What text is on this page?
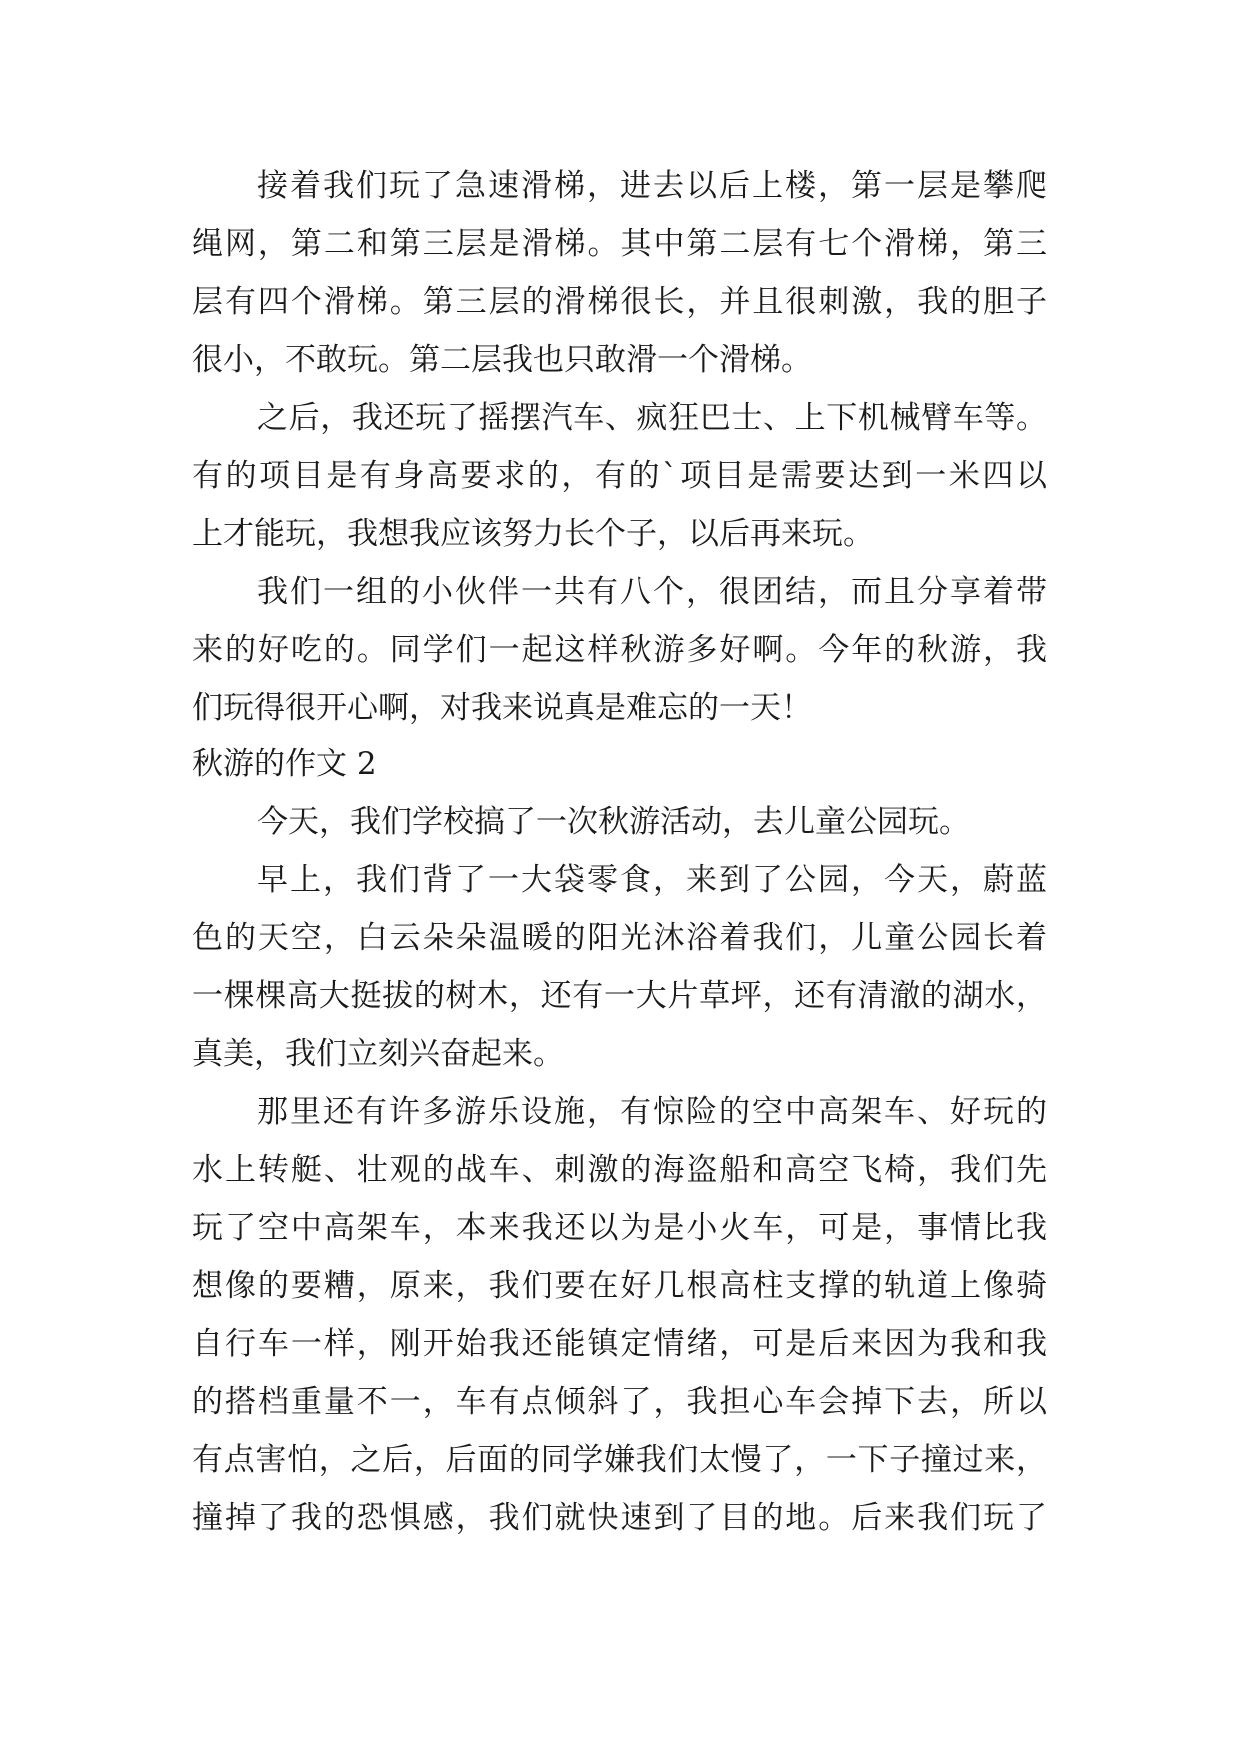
接着我们玩了急速滑梯，进去以后上楼，第一层是攀爬
绳网，第二和第三层是滑梯。其中第二层有七个滑梯，第三
层有四个滑梯。第三层的滑梯很长，并且很刺激，我的胆子
很小，不敢玩。第二层我也只敢滑一个滑梯。
之后，我还玩了摇摆汽车、疯狂巴士、上下机械臂车等。
有的项目是有身高要求的，有的`项目是需要达到一米四以
上才能玩，我想我应该努力长个子，以后再来玩。
我们一组的小伙伴一共有八个，很团结，而且分享着带
来的好吃的。同学们一起这样秋游多好啊。今年的秋游，我
们玩得很开心啊，对我来说真是难忘的一天！
秋游的作文 2
今天，我们学校搞了一次秋游活动，去儿童公园玩。
早上，我们背了一大袋零食，来到了公园，今天，蔚蓝
色的天空，白云朵朵温暖的阳光沐浴着我们，儿童公园长着
一棵棵高大挺拔的树木，还有一大片草坪，还有清澈的湖水，
真美，我们立刻兴奋起来。
那里还有许多游乐设施，有惊险的空中高架车、好玩的
水上转艇、壮观的战车、刺激的海盗船和高空飞椅，我们先
玩了空中高架车，本来我还以为是小火车，可是，事情比我
想像的要糟，原来，我们要在好几根高柱支撑的轨道上像骑
自行车一样，刚开始我还能镇定情绪，可是后来因为我和我
的搭档重量不一，车有点倾斜了，我担心车会掉下去，所以
有点害怕，之后，后面的同学嫌我们太慢了，一下子撞过来，
撞掉了我的恐惧感，我们就快速到了目的地。后来我们玩了
